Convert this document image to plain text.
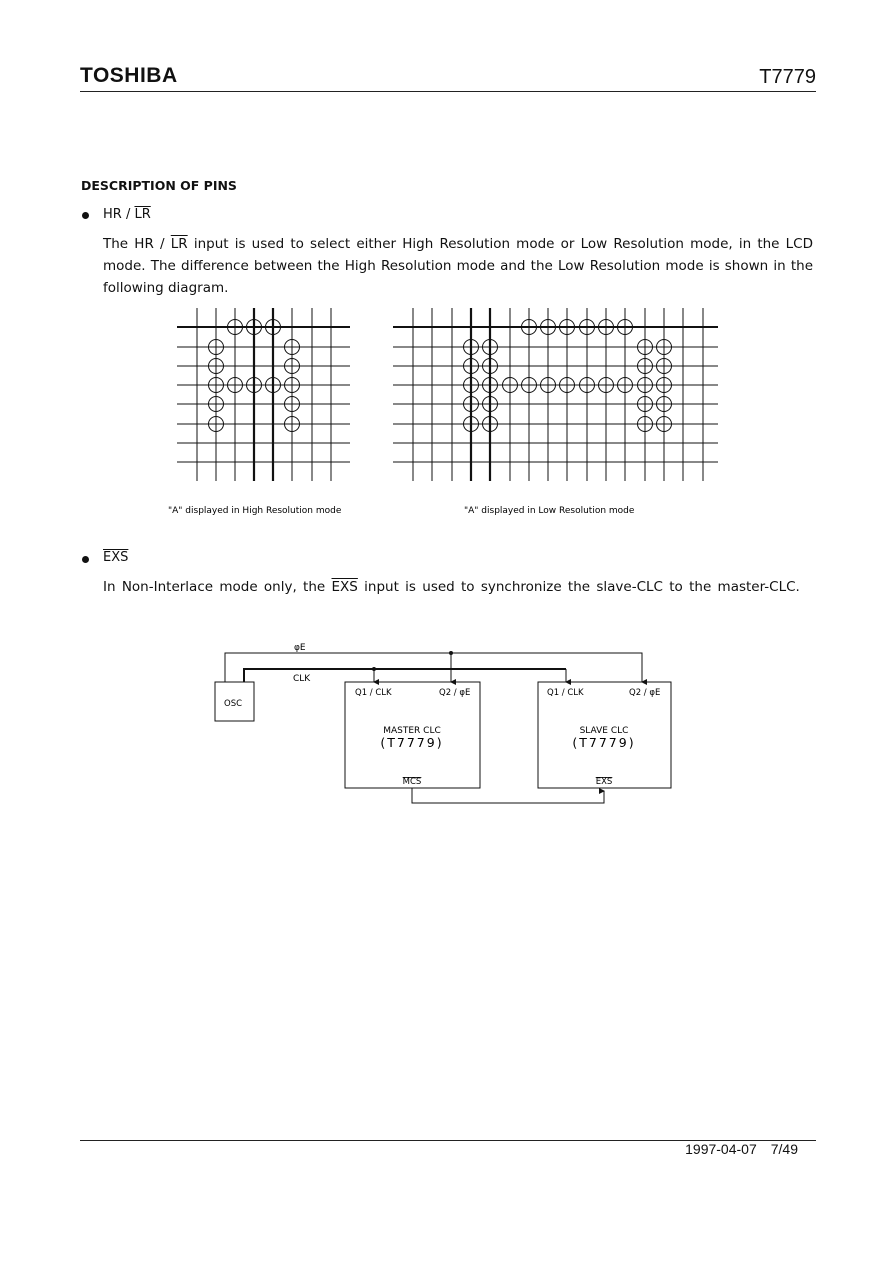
TOSHIBA	T7779
DESCRIPTION OF PINS
HR / $\overline{LR}$
The HR / $\overline{LR}$ input is used to select either High Resolution mode or Low Resolution mode, in the LCD mode. The difference between the High Resolution mode and the Low Resolution mode is shown in the following diagram.
"A" displayed in High Resolution mode	"A" displayed in Low Resolution mode
$\overline{EXS}$
In Non-Interlace mode only, the $\overline{EXS}$ input is used to synchronize the slave-CLC to the master-CLC.
φE
CLK
OSC
Q1 / CLK	Q2 / φE
MASTER CLC
(T7779)
MCS
Q1 / CLK	Q2 / φE
SLAVE CLC
(T7779)
EXS
1997-04-07 7/49
